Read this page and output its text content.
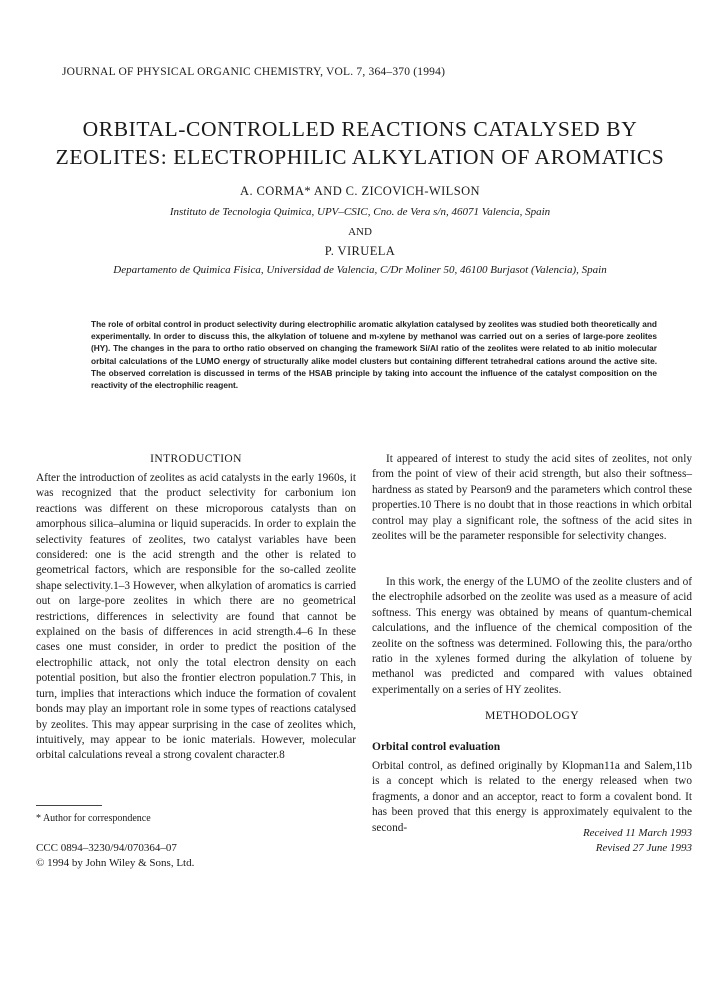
JOURNAL OF PHYSICAL ORGANIC CHEMISTRY, VOL. 7, 364–370 (1994)
ORBITAL-CONTROLLED REACTIONS CATALYSED BY
ZEOLITES: ELECTROPHILIC ALKYLATION OF AROMATICS
A. CORMA* AND C. ZICOVICH-WILSON
Instituto de Tecnologia Quimica, UPV–CSIC, Cno. de Vera s/n, 46071 Valencia, Spain
AND
P. VIRUELA
Departamento de Quimica Fisica, Universidad de Valencia, C/Dr Moliner 50, 46100 Burjasot (Valencia), Spain
The role of orbital control in product selectivity during electrophilic aromatic alkylation catalysed by zeolites was studied both theoretically and experimentally. In order to discuss this, the alkylation of toluene and m-xylene by methanol was carried out on a series of large-pore zeolites (HY). The changes in the para to ortho ratio observed on changing the framework Si/Al ratio of the zeolites were related to ab initio molecular orbital calculations of the LUMO energy of structurally alike model clusters but containing different tetrahedral cations around the active site. The observed correlation is discussed in terms of the HSAB principle by taking into account the influence of the catalyst composition on the reactivity of the electrophilic reagent.
INTRODUCTION
After the introduction of zeolites as acid catalysts in the early 1960s, it was recognized that the product selectivity for carbonium ion reactions was different on these microporous catalysts than on amorphous silica–alumina or liquid superacids. In order to explain the selectivity features of zeolites, two catalyst variables have been considered: one is the acid strength and the other is related to geometrical factors, which are responsible for the so-called zeolite shape selectivity.1–3 However, when alkylation of aromatics is carried out on large-pore zeolites in which there are no geometrical restrictions, differences in selectivity are found that cannot be explained on the basis of differences in acid strength.4–6 In these cases one must consider, in order to predict the position of the electrophilic attack, not only the total electron density on each potential position, but also the frontier electron population.7 This, in turn, implies that interactions which induce the formation of covalent bonds may play an important role in some types of reactions catalysed by zeolites. This may appear surprising in the case of zeolites which, intuitively, may appear to be ionic materials. However, molecular orbital calculations reveal a strong covalent character.8
* Author for correspondence
CCC 0894–3230/94/070364–07
© 1994 by John Wiley & Sons, Ltd.
It appeared of interest to study the acid sites of zeolites, not only from the point of view of their acid strength, but also their softness–hardness as stated by Pearson9 and the parameters which control these properties.10 There is no doubt that in those reactions in which orbital control may play a significant role, the softness of the acid sites in zeolites will be the parameter responsible for selectivity changes.
In this work, the energy of the LUMO of the zeolite clusters and of the electrophile adsorbed on the zeolite was used as a measure of acid softness. This energy was obtained by means of quantum-chemical calculations, and the influence of the chemical composition of the zeolite on the softness was determined. Following this, the para/ortho ratio in the xylenes formed during the alkylation of toluene by methanol was predicted and compared with values obtained experimentally on a series of HY zeolites.
METHODOLOGY
Orbital control evaluation
Orbital control, as defined originally by Klopman11a and Salem,11b is a concept which is related to the energy released when two fragments, a donor and an acceptor, react to form a covalent bond. It has been proved that this energy is approximately equivalent to the second-	Received 11 March 1993
Revised 27 June 1993
